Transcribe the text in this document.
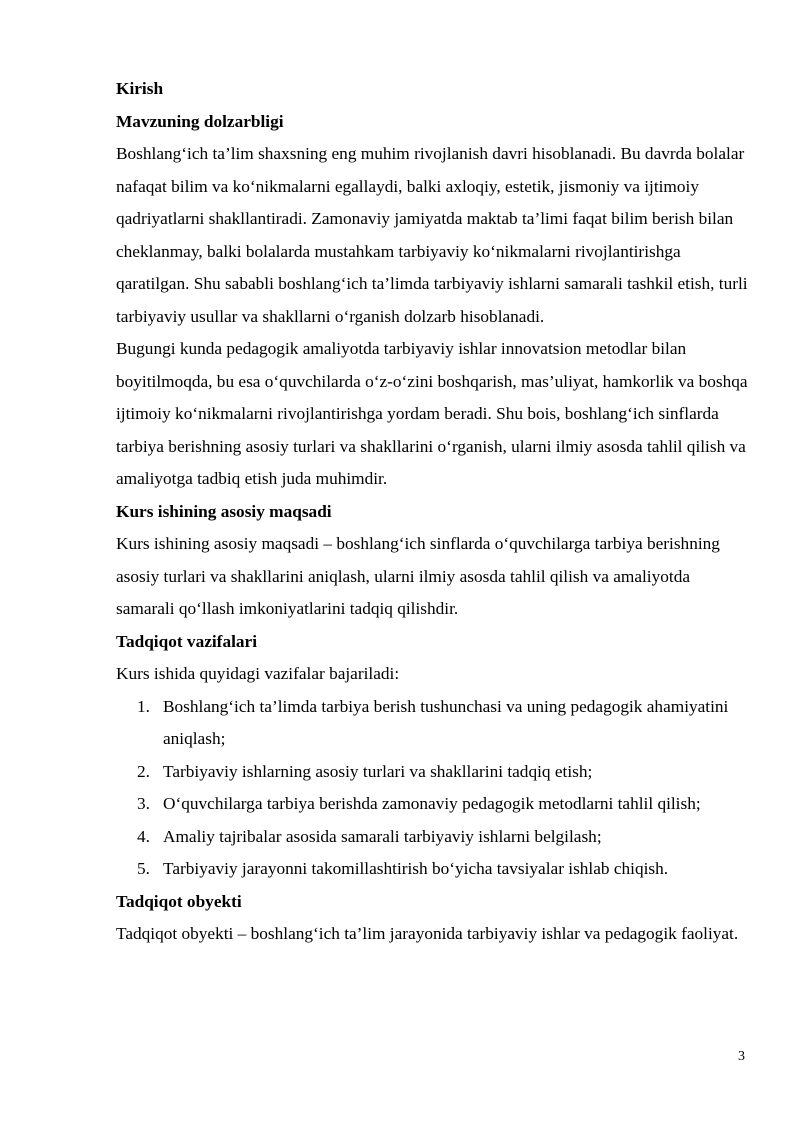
Kirish

Mavzuning dolzarbligi

Boshlang‘ich ta’lim shaxsning eng muhim rivojlanish davri hisoblanadi. Bu davrda bolalar nafaqat bilim va ko‘nikmalarni egallaydi, balki axloqiy, estetik, jismoniy va ijtimoiy qadriyatlarni shakllantiradi. Zamonaviy jamiyatda maktab ta’limi faqat bilim berish bilan cheklanmay, balki bolalarda mustahkam tarbiyaviy ko‘nikmalarni rivojlantirishga qaratilgan. Shu sababli boshlang‘ich ta’limda tarbiyaviy ishlarni samarali tashkil etish, turli tarbiyaviy usullar va shakllarni o‘rganish dolzarb hisoblanadi.

Bugungi kunda pedagogik amaliyotda tarbiyaviy ishlar innovatsion metodlar bilan boyitilmoqda, bu esa o‘quvchilarda o‘z-o‘zini boshqarish, mas’uliyat, hamkorlik va boshqa ijtimoiy ko‘nikmalarni rivojlantirishga yordam beradi. Shu bois, boshlang‘ich sinflarda tarbiya berishning asosiy turlari va shakllarini o‘rganish, ularni ilmiy asosda tahlil qilish va amaliyotga tadbiq etish juda muhimdir.

Kurs ishining asosiy maqsadi

Kurs ishining asosiy maqsadi – boshlang‘ich sinflarda o‘quvchilarga tarbiya berishning asosiy turlari va shakllarini aniqlash, ularni ilmiy asosda tahlil qilish va amaliyotda samarali qo‘llash imkoniyatlarini tadqiq qilishdir.

Tadqiqot vazifalari

Kurs ishida quyidagi vazifalar bajariladi:

1. Boshlang‘ich ta’limda tarbiya berish tushunchasi va uning pedagogik ahamiyatini aniqlash;
2. Tarbiyaviy ishlarning asosiy turlari va shakllarini tadqiq etish;
3. O‘quvchilarga tarbiya berishda zamonaviy pedagogik metodlarni tahlil qilish;
4. Amaliy tajribalar asosida samarali tarbiyaviy ishlarni belgilash;
5. Tarbiyaviy jarayonni takomillashtirish bo‘yicha tavsiyalar ishlab chiqish.

Tadqiqot obyekti

Tadqiqot obyekti – boshlang‘ich ta’lim jarayonida tarbiyaviy ishlar va pedagogik faoliyat.

3
